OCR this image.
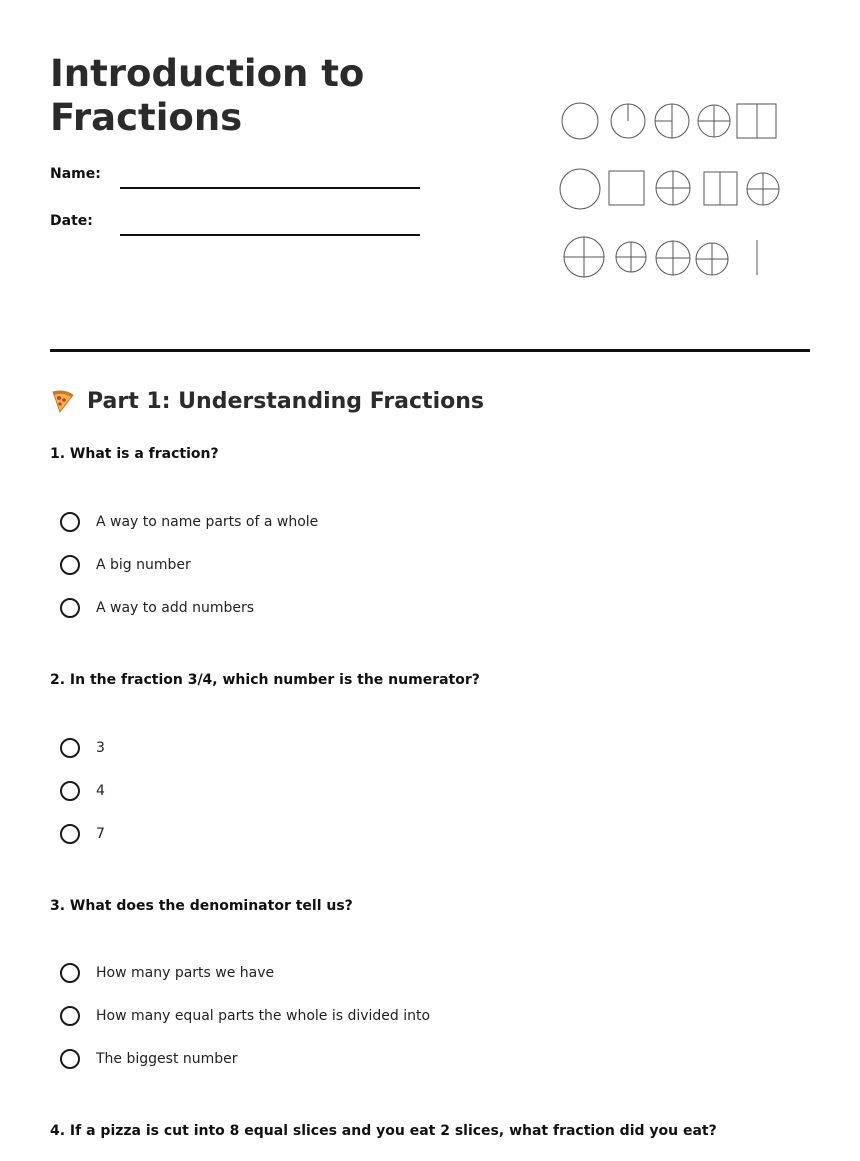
Introduction to Fractions
Name:
Date:
Part 1: Understanding Fractions

1. What is a fraction?

A way to name parts of a whole
A big number
A way to add numbers

2. In the fraction 3/4, which number is the numerator?

3
4
7

3. What does the denominator tell us?

How many parts we have
How many equal parts the whole is divided into
The biggest number

4. If a pizza is cut into 8 equal slices and you eat 2 slices, what fraction did you eat?
